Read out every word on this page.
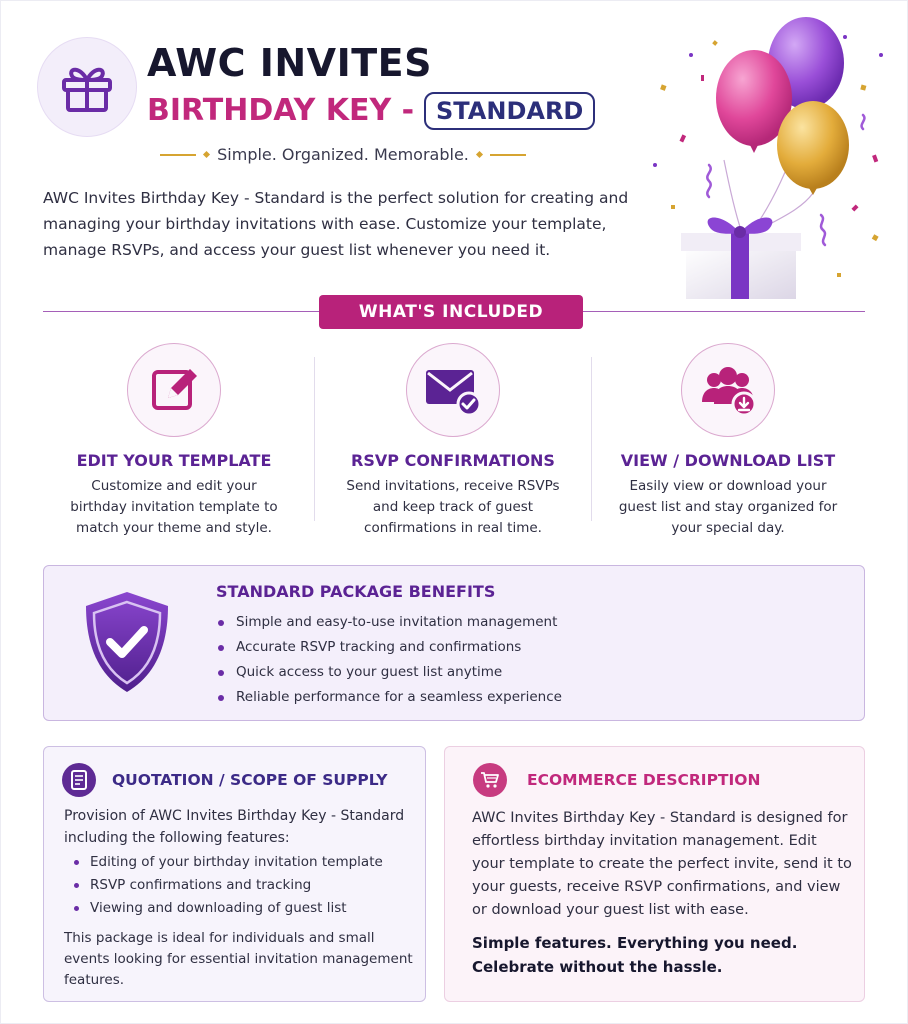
AWC INVITES
BIRTHDAY KEY - STANDARD
Simple. Organized. Memorable.
AWC Invites Birthday Key - Standard is the perfect solution for creating and managing your birthday invitations with ease. Customize your template, manage RSVPs, and access your guest list whenever you need it.
WHAT'S INCLUDED
EDIT YOUR TEMPLATE
Customize and edit your birthday invitation template to match your theme and style.
RSVP CONFIRMATIONS
Send invitations, receive RSVPs and keep track of guest confirmations in real time.
VIEW / DOWNLOAD LIST
Easily view or download your guest list and stay organized for your special day.
STANDARD PACKAGE BENEFITS
Simple and easy-to-use invitation management
Accurate RSVP tracking and confirmations
Quick access to your guest list anytime
Reliable performance for a seamless experience
QUOTATION / SCOPE OF SUPPLY
Provision of AWC Invites Birthday Key - Standard including the following features:
Editing of your birthday invitation template
RSVP confirmations and tracking
Viewing and downloading of guest list
This package is ideal for individuals and small events looking for essential invitation management features.
ECOMMERCE DESCRIPTION
AWC Invites Birthday Key - Standard is designed for effortless birthday invitation management. Edit your template to create the perfect invite, send it to your guests, receive RSVP confirmations, and view or download your guest list with ease.
Simple features. Everything you need. Celebrate without the hassle.
